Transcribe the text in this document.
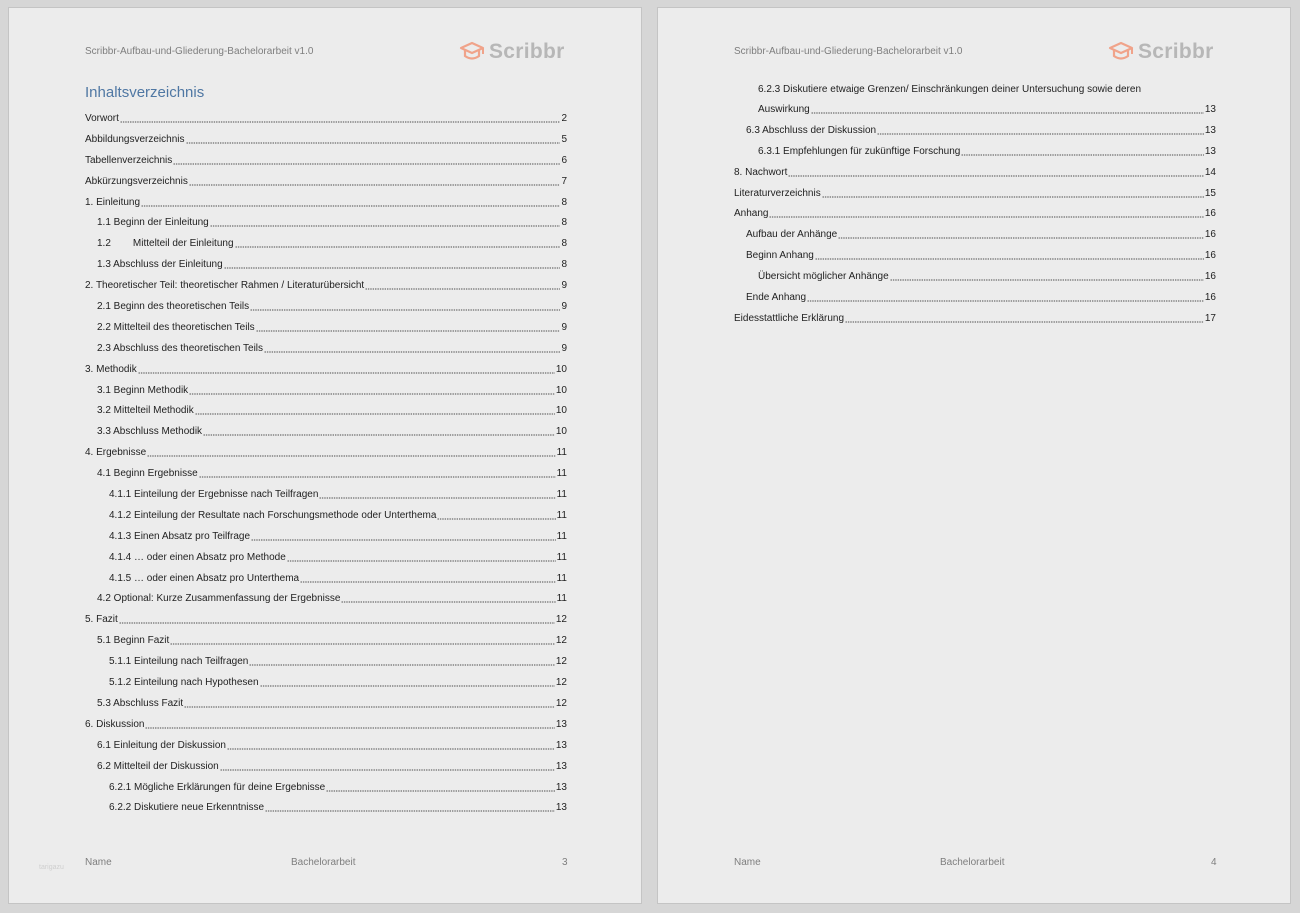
Scribbr-Aufbau-und-Gliederung-Bachelorarbeit v1.0	Scribbr
Inhaltsverzeichnis
Vorwort	2
Abbildungsverzeichnis	5
Tabellenverzeichnis	6
Abkürzungsverzeichnis	7
1. Einleitung	8
1.1 Beginn der Einleitung	8
1.2 Mittelteil der Einleitung	8
1.3 Abschluss der Einleitung	8
2. Theoretischer Teil: theoretischer Rahmen / Literaturübersicht	9
2.1 Beginn des theoretischen Teils	9
2.2 Mittelteil des theoretischen Teils	9
2.3 Abschluss des theoretischen Teils	9
3. Methodik	10
3.1 Beginn Methodik	10
3.2 Mittelteil Methodik	10
3.3 Abschluss Methodik	10
4. Ergebnisse	11
4.1 Beginn Ergebnisse	11
4.1.1 Einteilung der Ergebnisse nach Teilfragen	11
4.1.2 Einteilung der Resultate nach Forschungsmethode oder Unterthema	11
4.1.3 Einen Absatz pro Teilfrage	11
4.1.4 … oder einen Absatz pro Methode	11
4.1.5 … oder einen Absatz pro Unterthema	11
4.2 Optional: Kurze Zusammenfassung der Ergebnisse	11
5. Fazit	12
5.1 Beginn Fazit	12
5.1.1 Einteilung nach Teilfragen	12
5.1.2 Einteilung nach Hypothesen	12
5.3 Abschluss Fazit	12
6. Diskussion	13
6.1 Einleitung der Diskussion	13
6.2 Mittelteil der Diskussion	13
6.2.1 Mögliche Erklärungen für deine Ergebnisse	13
6.2.2 Diskutiere neue Erkenntnisse	13
Name	Bachelorarbeit	3
tarigazu
Scribbr-Aufbau-und-Gliederung-Bachelorarbeit v1.0	Scribbr
6.2.3 Diskutiere etwaige Grenzen/ Einschränkungen deiner Untersuchung sowie deren
Auswirkung	13
6.3 Abschluss der Diskussion	13
6.3.1 Empfehlungen für zukünftige Forschung	13
8. Nachwort	14
Literaturverzeichnis	15
Anhang	16
Aufbau der Anhänge	16
Beginn Anhang	16
Übersicht möglicher Anhänge	16
Ende Anhang	16
Eidesstattliche Erklärung	17
Name	Bachelorarbeit	4
